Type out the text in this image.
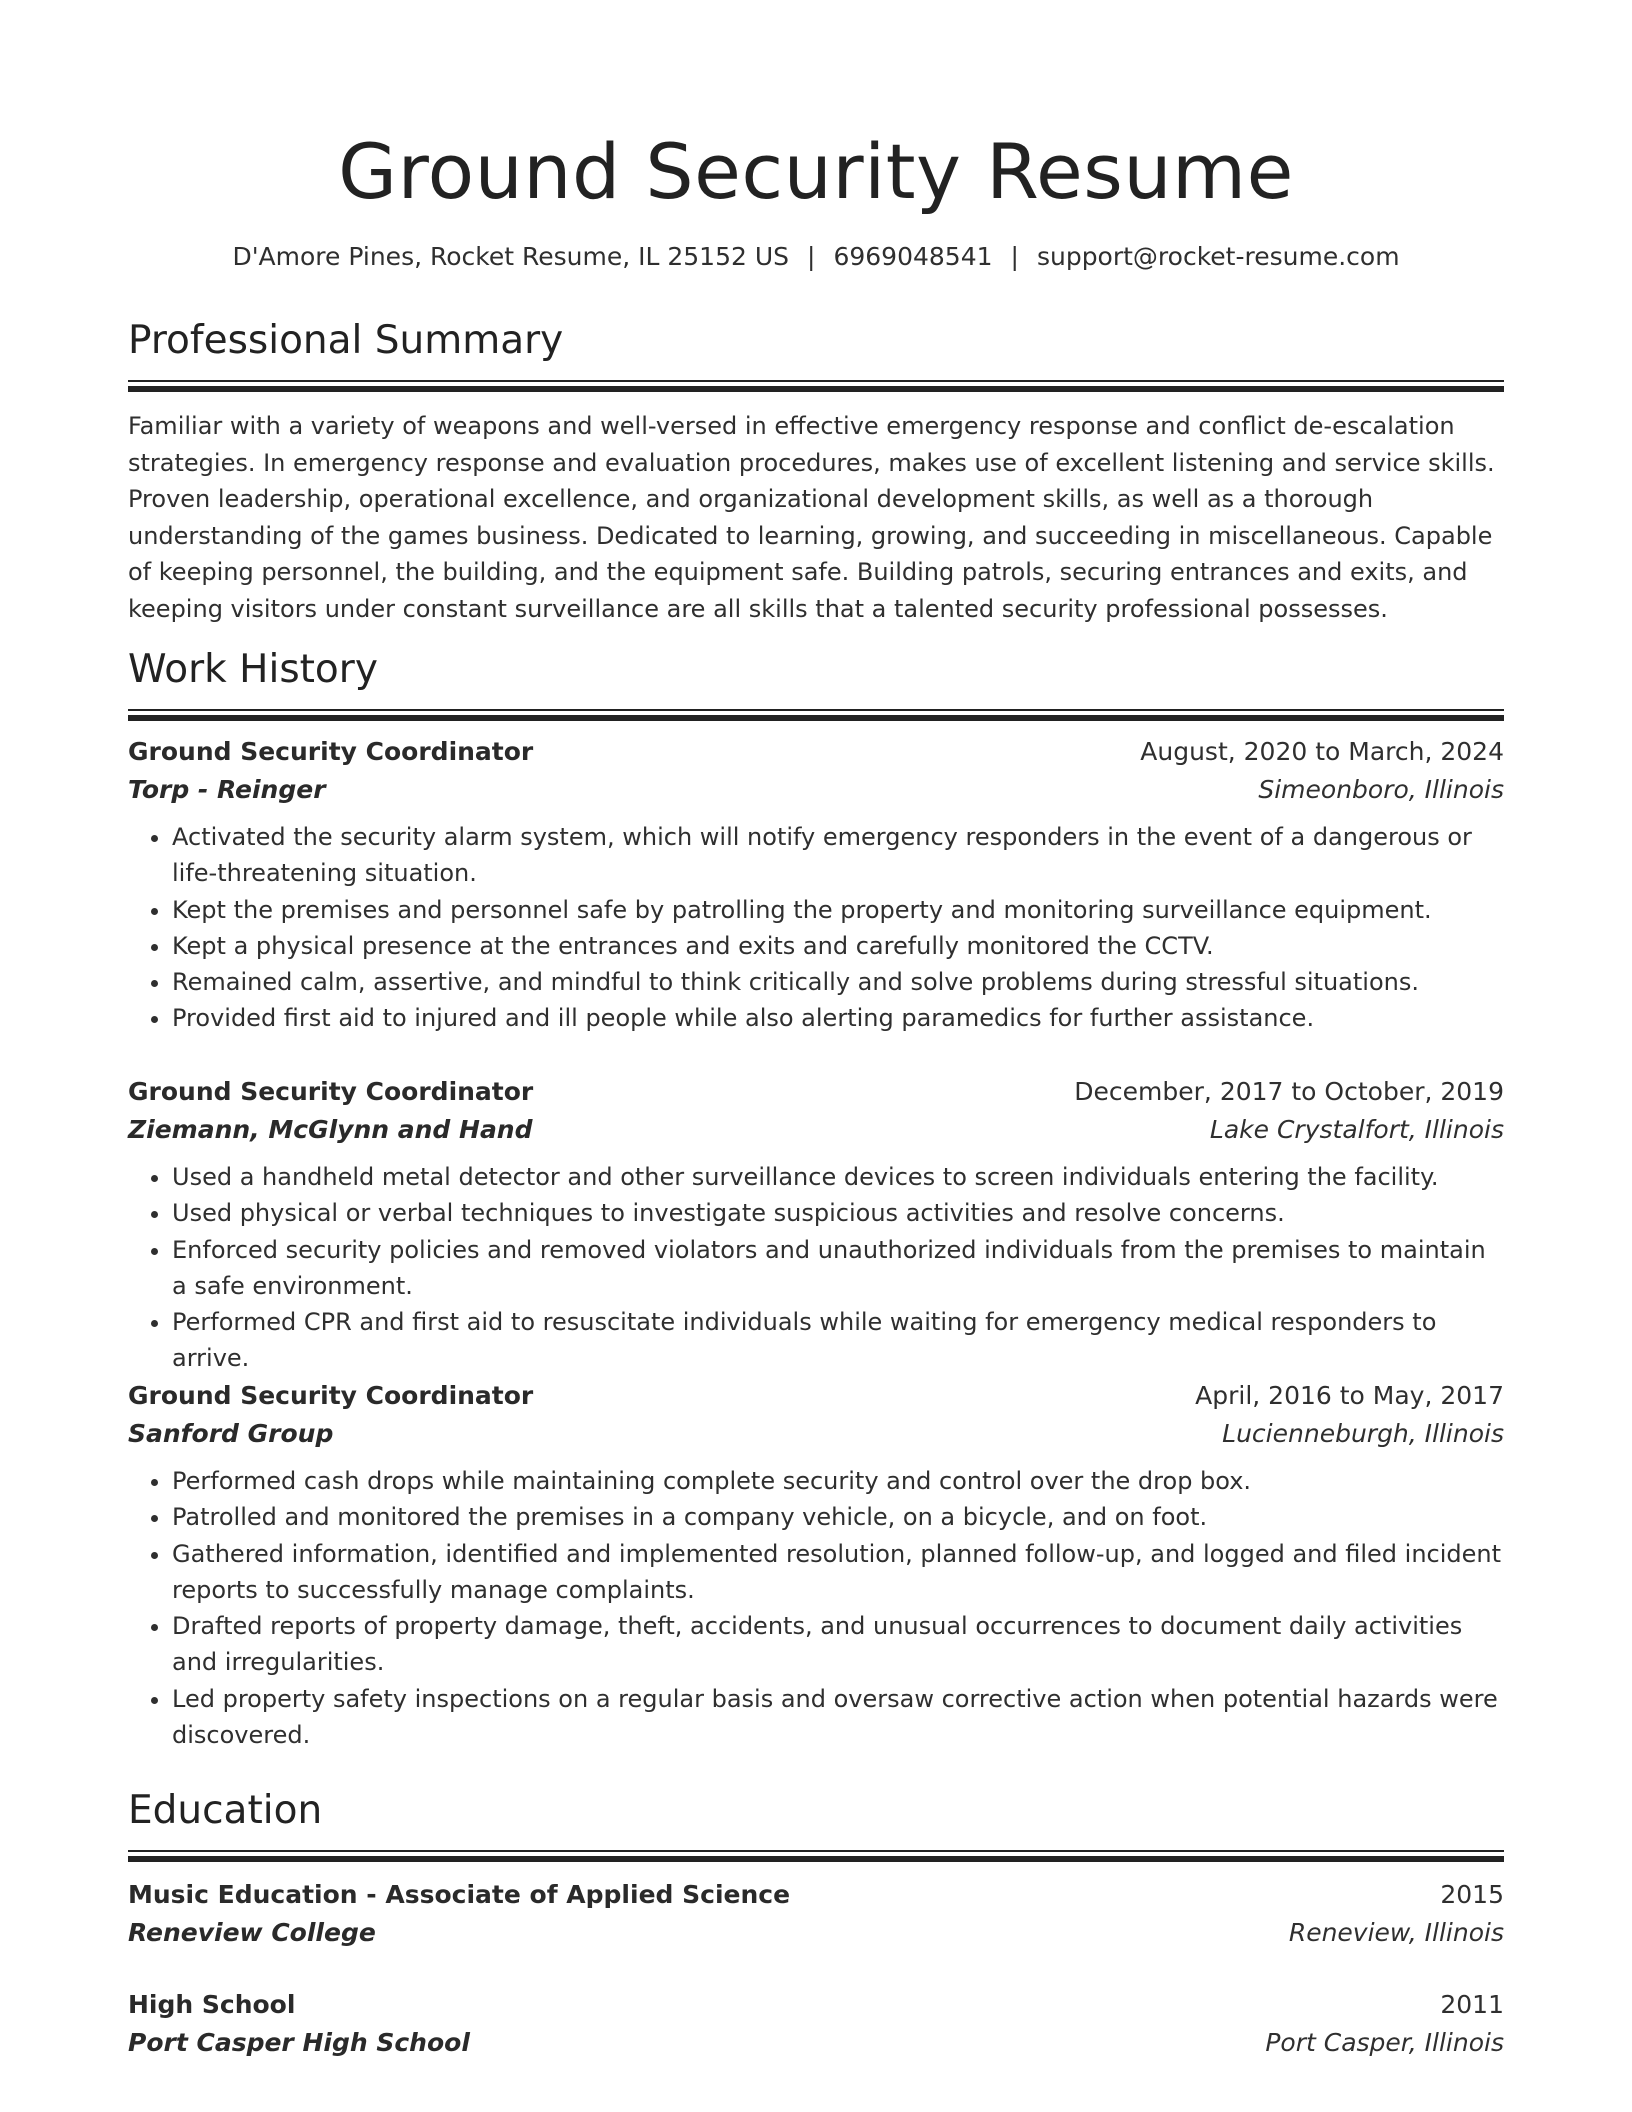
Ground Security Resume
D'Amore Pines, Rocket Resume, IL 25152 US | 6969048541 | support@rocket-resume.com
Professional Summary
Familiar with a variety of weapons and well-versed in effective emergency response and conflict de-escalation strategies. In emergency response and evaluation procedures, makes use of excellent listening and service skills. Proven leadership, operational excellence, and organizational development skills, as well as a thorough understanding of the games business. Dedicated to learning, growing, and succeeding in miscellaneous. Capable of keeping personnel, the building, and the equipment safe. Building patrols, securing entrances and exits, and keeping visitors under constant surveillance are all skills that a talented security professional possesses.
Work History
Ground Security Coordinator	August, 2020 to March, 2024
Torp - Reinger	Simeonboro, Illinois
• Activated the security alarm system, which will notify emergency responders in the event of a dangerous or life-threatening situation.
• Kept the premises and personnel safe by patrolling the property and monitoring surveillance equipment.
• Kept a physical presence at the entrances and exits and carefully monitored the CCTV.
• Remained calm, assertive, and mindful to think critically and solve problems during stressful situations.
• Provided first aid to injured and ill people while also alerting paramedics for further assistance.
Ground Security Coordinator	December, 2017 to October, 2019
Ziemann, McGlynn and Hand	Lake Crystalfort, Illinois
• Used a handheld metal detector and other surveillance devices to screen individuals entering the facility.
• Used physical or verbal techniques to investigate suspicious activities and resolve concerns.
• Enforced security policies and removed violators and unauthorized individuals from the premises to maintain a safe environment.
• Performed CPR and first aid to resuscitate individuals while waiting for emergency medical responders to arrive.
Ground Security Coordinator	April, 2016 to May, 2017
Sanford Group	Lucienneburgh, Illinois
• Performed cash drops while maintaining complete security and control over the drop box.
• Patrolled and monitored the premises in a company vehicle, on a bicycle, and on foot.
• Gathered information, identified and implemented resolution, planned follow-up, and logged and filed incident reports to successfully manage complaints.
• Drafted reports of property damage, theft, accidents, and unusual occurrences to document daily activities and irregularities.
• Led property safety inspections on a regular basis and oversaw corrective action when potential hazards were discovered.
Education
Music Education - Associate of Applied Science	2015
Reneview College	Reneview, Illinois
High School	2011
Port Casper High School	Port Casper, Illinois
